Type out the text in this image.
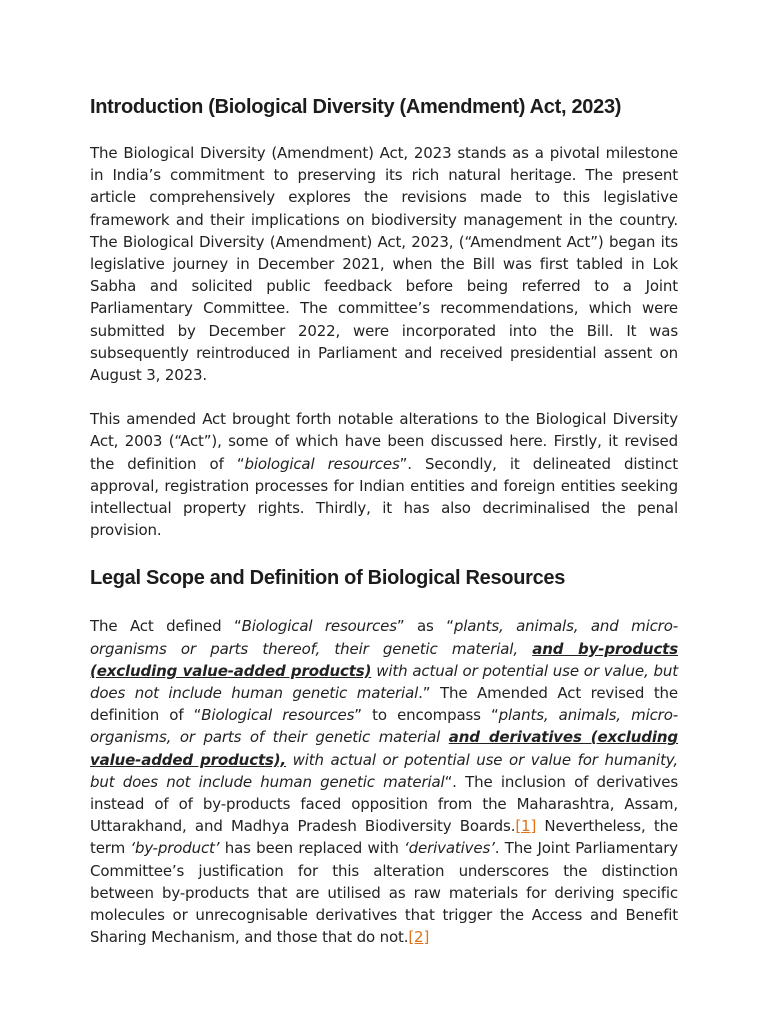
Introduction (Biological Diversity (Amendment) Act, 2023)

The Biological Diversity (Amendment) Act, 2023 stands as a pivotal milestone in India’s commitment to preserving its rich natural heritage. The present article comprehensively explores the revisions made to this legislative framework and their implications on biodiversity management in the country. The Biological Diversity (Amendment) Act, 2023, (“Amendment Act”) began its legislative journey in December 2021, when the Bill was first tabled in Lok Sabha and solicited public feedback before being referred to a Joint Parliamentary Committee. The committee’s recommendations, which were submitted by December 2022, were incorporated into the Bill. It was subsequently reintroduced in Parliament and received presidential assent on August 3, 2023.

This amended Act brought forth notable alterations to the Biological Diversity Act, 2003 (“Act”), some of which have been discussed here. Firstly, it revised the definition of “biological resources”. Secondly, it delineated distinct approval, registration processes for Indian entities and foreign entities seeking intellectual property rights. Thirdly, it has also decriminalised the penal provision.

Legal Scope and Definition of Biological Resources

The Act defined “Biological resources” as “plants, animals, and micro-organisms or parts thereof, their genetic material, and by-products (excluding value-added products) with actual or potential use or value, but does not include human genetic material.” The Amended Act revised the definition of “Biological resources” to encompass “plants, animals, micro-organisms, or parts of their genetic material and derivatives (excluding value-added products), with actual or potential use or value for humanity, but does not include human genetic material“. The inclusion of derivatives instead of of by-products faced opposition from the Maharashtra, Assam, Uttarakhand, and Madhya Pradesh Biodiversity Boards.[1] Nevertheless, the term ‘by-product’ has been replaced with ‘derivatives’. The Joint Parliamentary Committee’s justification for this alteration underscores the distinction between by-products that are utilised as raw materials for deriving specific molecules or unrecognisable derivatives that trigger the Access and Benefit Sharing Mechanism, and those that do not.[2]
